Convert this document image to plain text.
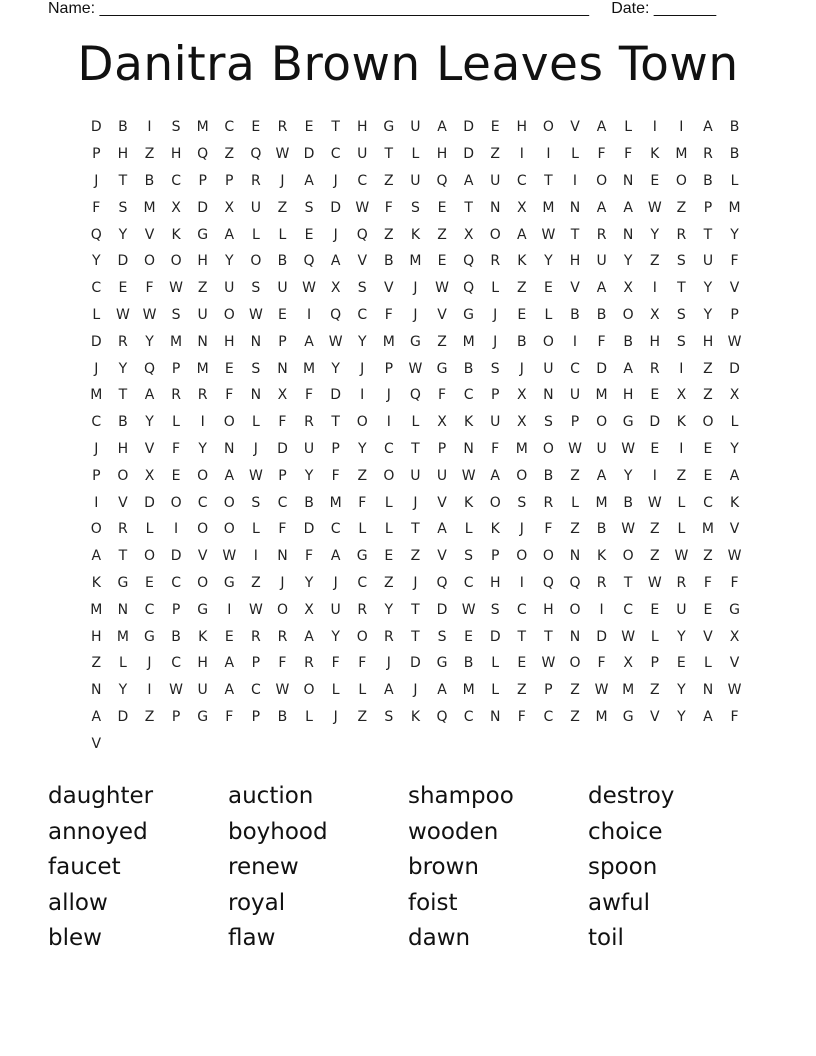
Name: _______________________________________________________     Date: _______
Danitra Brown Leaves Town
D	B	I	S	M	C	E	R	E	T	H	G	U	A	D	E	H	O	V	A	L	I	I	A	B
P	H	Z	H	Q	Z	Q	W	D	C	U	T	L	H	D	Z	I	I	L	F	F	K	M	R	B
J	T	B	C	P	P	R	J	A	J	C	Z	U	Q	A	U	C	T	I	O	N	E	O	B	L
F	S	M	X	D	X	U	Z	S	D	W	F	S	E	T	N	X	M	N	A	A	W	Z	P	M
Q	Y	V	K	G	A	L	L	E	J	Q	Z	K	Z	X	O	A	W	T	R	N	Y	R	T	Y
Y	D	O	O	H	Y	O	B	Q	A	V	B	M	E	Q	R	K	Y	H	U	Y	Z	S	U	F
C	E	F	W	Z	U	S	U	W	X	S	V	J	W	Q	L	Z	E	V	A	X	I	T	Y	V
L	W W	S	U	O	W	E	I	Q	C	F	J	V	G	J	E	L	B	B	O	X	S	Y	P
D	R	Y	M	N	H	N	P	A	W	Y	M	G	Z	M	J	B	O	I	F	B	H	S	H	W
J	Y	Q	P	M	E	S	N	M	Y	J	P	W	G	B	S	J	U	C	D	A	R	I	Z	D
M	T	A	R	R	F	N	X	F	D	I	J	Q	F	C	P	X	N	U	M	H	E	X	Z	X
C	B	Y	L	I	O	L	F	R	T	O	I	L	X	K	U	X	S	P	O	G	D	K	O	L
J	H	V	F	Y	N	J	D	U	P	Y	C	T	P	N	F	M	O	W	U	W	E	I	E	Y
P	O	X	E	O	A	W	P	Y	F	Z	O	U	U	W	A	O	B	Z	A	Y	I	Z	E	A
I	V	D	O	C	O	S	C	B	M	F	L	J	V	K	O	S	R	L	M	B	W	L	C	K
O	R	L	I	O	O	L	F	D	C	L	L	T	A	L	K	J	F	Z	B	W	Z	L	M	V
A	T	O	D	V	W	I	N	F	A	G	E	Z	V	S	P	O	O	N	K	O	Z	W	Z	W
K	G	E	C	O	G	Z	J	Y	J	C	Z	J	Q	C	H	I	Q	Q	R	T	W	R	F	F
M	N	C	P	G	I	W	O	X	U	R	Y	T	D	W	S	C	H	O	I	C	E	U	E	G
H	M	G	B	K	E	R	R	A	Y	O	R	T	S	E	D	T	T	N	D	W	L	Y	V	X
Z	L	J	C	H	A	P	F	R	F	F	J	D	G	B	L	E	W	O	F	X	P	E	L	V
N	Y	I	W	U	A	C	W	O	L	L	A	J	A	M	L	Z	P	Z	W M	Z	Y	N	W
A	D	Z	P	G	F	P	B	L	J	Z	S	K	Q	C	N	F	C	Z	M	G	V	Y	A	F
V
daughter	auction	shampoo	destroy
annoyed	boyhood	wooden	choice
faucet	renew	brown	spoon
allow	royal	foist	awful
blew	flaw	dawn	toil
